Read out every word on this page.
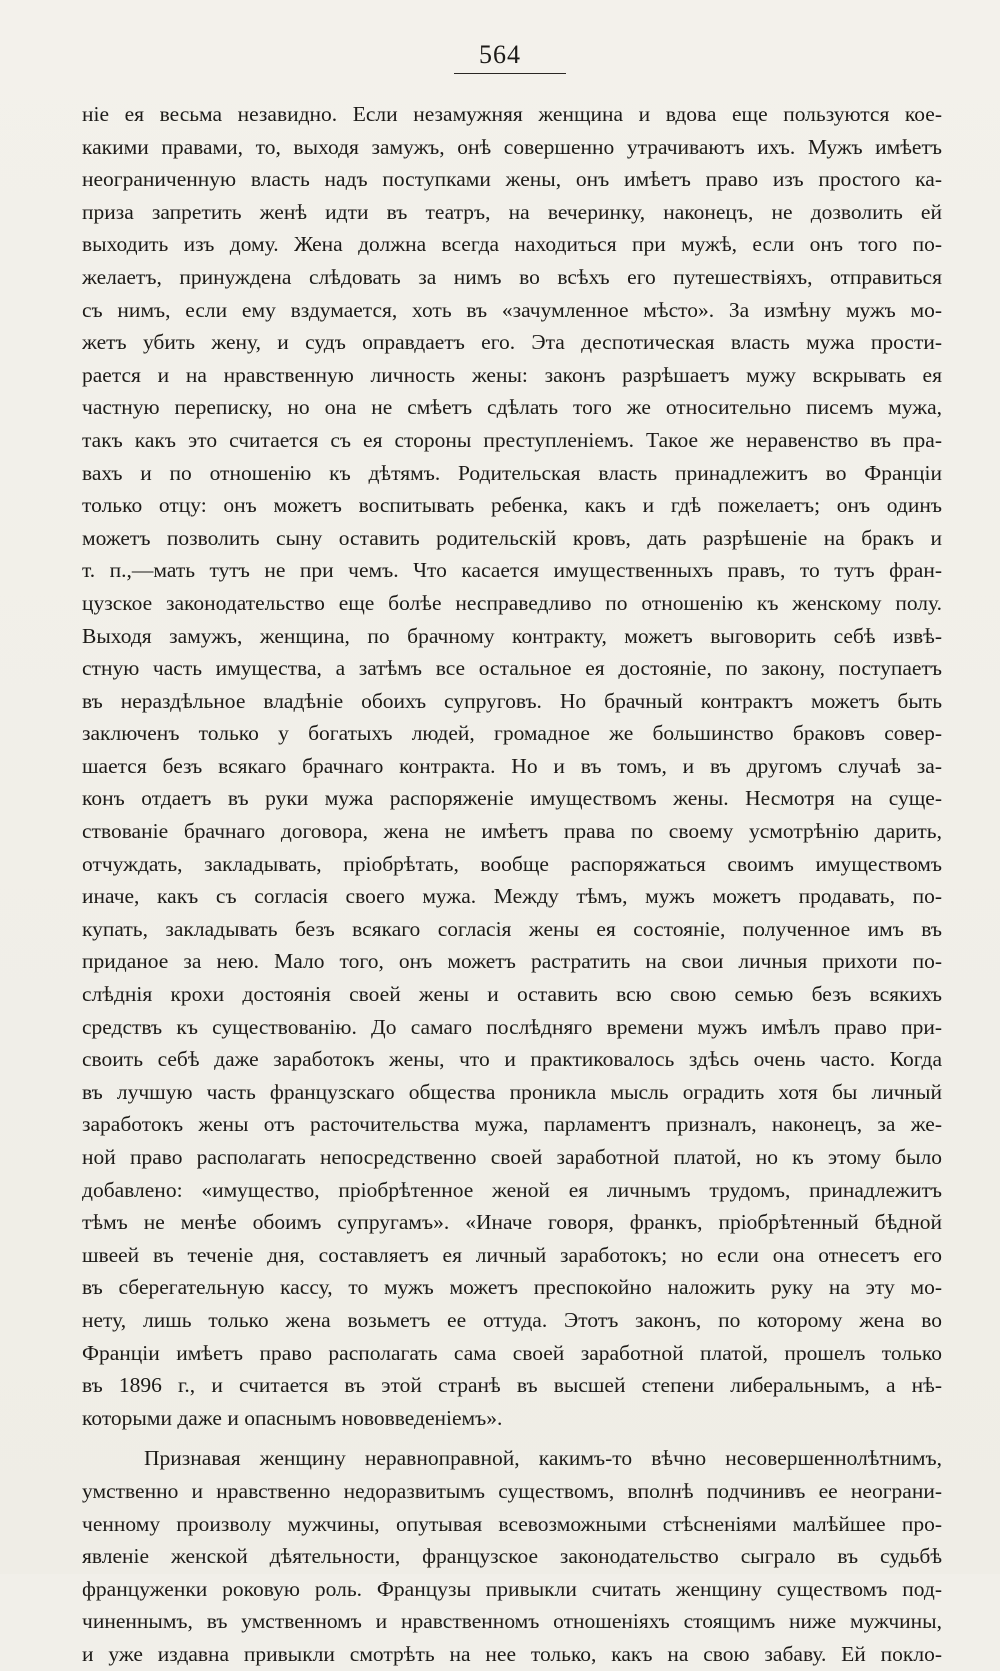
564
ніе ея весьма незавидно. Если незамужняя женщина и вдова еще пользуются кое-
какими правами, то, выходя замужъ, онѣ совершенно утрачиваютъ ихъ. Мужъ имѣетъ
неограниченную власть надъ поступками жены, онъ имѣетъ право изъ простого ка-
приза запретить женѣ идти въ театръ, на вечеринку, наконецъ, не дозволить ей
выходить изъ дому. Жена должна всегда находиться при мужѣ, если онъ того по-
желаетъ, принуждена слѣдовать за нимъ во всѣхъ его путешествіяхъ, отправиться
съ нимъ, если ему вздумается, хоть въ «зачумленное мѣсто». За измѣну мужъ мо-
жетъ убить жену, и судъ оправдаетъ его. Эта деспотическая власть мужа прости-
рается и на нравственную личность жены: законъ разрѣшаетъ мужу вскрывать ея
частную переписку, но она не смѣетъ сдѣлать того же относительно писемъ мужа,
такъ какъ это считается съ ея стороны преступленіемъ. Такое же неравенство въ пра-
вахъ и по отношенію къ дѣтямъ. Родительская власть принадлежитъ во Франціи
только отцу: онъ можетъ воспитывать ребенка, какъ и гдѣ пожелаетъ; онъ одинъ
можетъ позволить сыну оставить родительскій кровъ, дать разрѣшеніе на бракъ и
т. п.,—мать тутъ не при чемъ. Что касается имущественныхъ правъ, то тутъ фран-
цузское законодательство еще болѣе несправедливо по отношенію къ женскому полу.
Выходя замужъ, женщина, по брачному контракту, можетъ выговорить себѣ извѣ-
стную часть имущества, а затѣмъ все остальное ея достояніе, по закону, поступаетъ
въ нераздѣльное владѣніе обоихъ супруговъ. Но брачный контрактъ можетъ быть
заключенъ только у богатыхъ людей, громадное же большинство браковъ совер-
шается безъ всякаго брачнаго контракта. Но и въ томъ, и въ другомъ случаѣ за-
конъ отдаетъ въ руки мужа распоряженіе имуществомъ жены. Несмотря на суще-
ствованіе брачнаго договора, жена не имѣетъ права по своему усмотрѣнію дарить,
отчуждать, закладывать, пріобрѣтать, вообще распоряжаться своимъ имуществомъ
иначе, какъ съ согласія своего мужа. Между тѣмъ, мужъ можетъ продавать, по-
купать, закладывать безъ всякаго согласія жены ея состояніе, полученное имъ въ
приданое за нею. Мало того, онъ можетъ растратить на свои личныя прихоти по-
слѣднія крохи достоянія своей жены и оставить всю свою семью безъ всякихъ
средствъ къ существованію. До самаго послѣдняго времени мужъ имѣлъ право при-
своить себѣ даже заработокъ жены, что и практиковалось здѣсь очень часто. Когда
въ лучшую часть французскаго общества проникла мысль оградить хотя бы личный
заработокъ жены отъ расточительства мужа, парламентъ призналъ, наконецъ, за же-
ной право располагать непосредственно своей заработной платой, но къ этому было
добавлено: «имущество, пріобрѣтенное женой ея личнымъ трудомъ, принадлежитъ
тѣмъ не менѣе обоимъ супругамъ». «Иначе говоря, франкъ, пріобрѣтенный бѣдной
швеей въ теченіе дня, составляетъ ея личный заработокъ; но если она отнесетъ его
въ сберегательную кассу, то мужъ можетъ преспокойно наложить руку на эту мо-
нету, лишь только жена возьметъ ее оттуда. Этотъ законъ, по которому жена во
Франціи имѣетъ право располагать сама своей заработной платой, прошелъ только
въ 1896 г., и считается въ этой странѣ въ высшей степени либеральнымъ, а нѣ-
которыми даже и опаснымъ нововведеніемъ».
Признавая женщину неравноправной, какимъ-то вѣчно несовершеннолѣтнимъ,
умственно и нравственно недоразвитымъ существомъ, вполнѣ подчинивъ ее неограни-
ченному произволу мужчины, опутывая всевозможными стѣсненіями малѣйшее про-
явленіе женской дѣятельности, французское законодательство сыграло въ судьбѣ
француженки роковую роль. Французы привыкли считать женщину существомъ под-
чиненнымъ, въ умственномъ и нравственномъ отношеніяхъ стоящимъ ниже мужчины,
и уже издавна привыкли смотрѣть на нее только, какъ на свою забаву. Ей покло-
